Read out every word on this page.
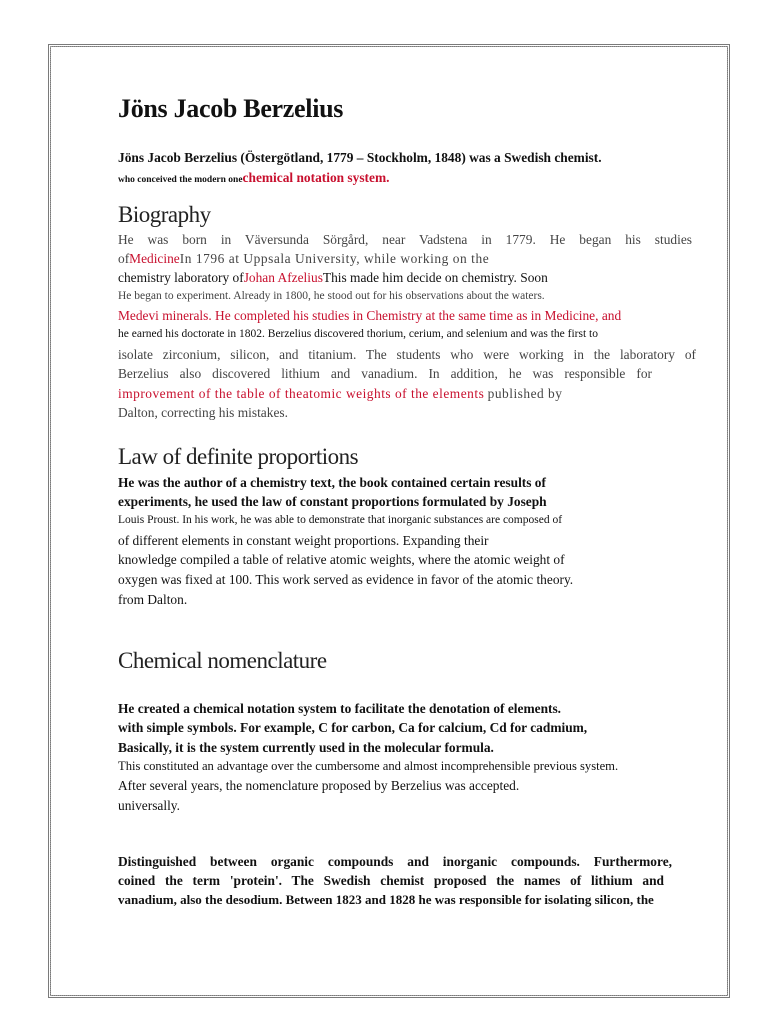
Jöns Jacob Berzelius
Jöns Jacob Berzelius (Östergötland, 1779 – Stockholm, 1848) was a Swedish chemist.
who conceived the modern onechemical notation system.
Biography
He was born in Väversunda Sörgård, near Vadstena in 1779. He began his studies
ofMedicineIn 1796 at Uppsala University, while working on the
chemistry laboratory ofJohan AfzeliusThis made him decide on chemistry. Soon
He began to experiment. Already in 1800, he stood out for his observations about the waters.
Medevi minerals. He completed his studies in Chemistry at the same time as in Medicine, and
he earned his doctorate in 1802. Berzelius discovered thorium, cerium, and selenium and was the first to
isolate zirconium, silicon, and titanium. The students who were working in the laboratory of
Berzelius also discovered lithium and vanadium. In addition, he was responsible for
improvement of the table of theatomic weights of the elements published by
Dalton, correcting his mistakes.
Law of definite proportions
He was the author of a chemistry text, the book contained certain results of
experiments, he used the law of constant proportions formulated by Joseph
Louis Proust. In his work, he was able to demonstrate that inorganic substances are composed of
of different elements in constant weight proportions. Expanding their
knowledge compiled a table of relative atomic weights, where the atomic weight of
oxygen was fixed at 100. This work served as evidence in favor of the atomic theory.
from Dalton.
Chemical nomenclature
He created a chemical notation system to facilitate the denotation of elements.
with simple symbols. For example, C for carbon, Ca for calcium, Cd for cadmium,
Basically, it is the system currently used in the molecular formula.
This constituted an advantage over the cumbersome and almost incomprehensible previous system.
After several years, the nomenclature proposed by Berzelius was accepted.
universally.
Distinguished between organic compounds and inorganic compounds. Furthermore,
coined the term 'protein'. The Swedish chemist proposed the names of lithium and
vanadium, also the desodium. Between 1823 and 1828 he was responsible for isolating silicon, the
